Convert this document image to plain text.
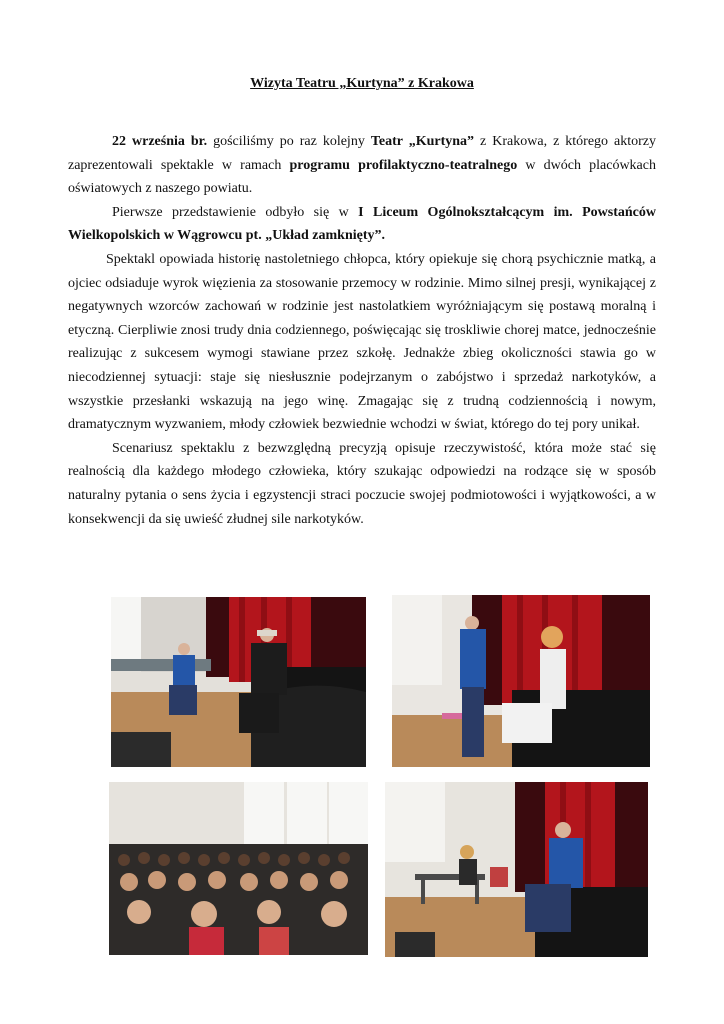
Wizyta Teatru „Kurtyna” z Krakowa

22 września br. gościliśmy po raz kolejny Teatr „Kurtyna” z Krakowa, z którego aktorzy zaprezentowali spektakle w ramach programu profilaktyczno-teatralnego w dwóch placówkach oświatowych z naszego powiatu.

Pierwsze przedstawienie odbyło się w I Liceum Ogólnokształcącym im. Powstańców Wielkopolskich w Wągrowcu pt. „Układ zamknięty”.

Spektakl opowiada historię nastoletniego chłopca, który opiekuje się chorą psychicznie matką, a ojciec odsiaduje wyrok więzienia za stosowanie przemocy w rodzinie. Mimo silnej presji, wynikającej z negatywnych wzorców zachowań w rodzinie jest nastolatkiem wyróżniającym się postawą moralną i etyczną. Cierpliwie znosi trudy dnia codziennego, poświęcając się troskliwie chorej matce, jednocześnie realizując z sukcesem wymogi stawiane przez szkołę. Jednakże zbieg okoliczności stawia go w niecodziennej sytuacji: staje się niesłusznie podejrzanym o zabójstwo i sprzedaż narkotyków, a wszystkie przesłanki wskazują na jego winę. Zmagając się z trudną codziennością i nowym, dramatycznym wyzwaniem, młody człowiek bezwiednie wchodzi w świat, którego do tej pory unikał.

Scenariusz spektaklu z bezwzględną precyzją opisuje rzeczywistość, która może stać się realnością dla każdego młodego człowieka, który szukając odpowiedzi na rodzące się w sposób naturalny pytania o sens życia i egzystencji straci poczucie swojej podmiotowości i wyjątkowości, a w konsekwencji da się uwieść złudnej sile narkotyków.
